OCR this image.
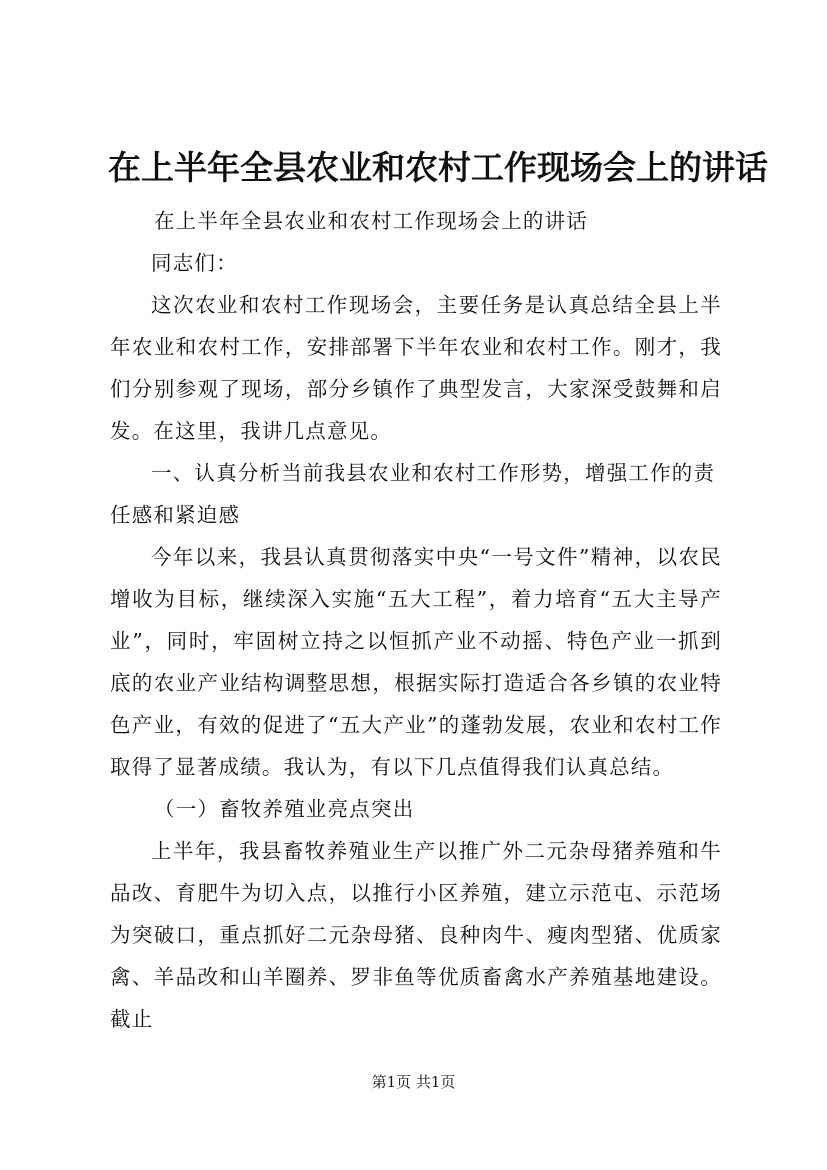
在上半年全县农业和农村工作现场会上的讲话

在上半年全县农业和农村工作现场会上的讲话

同志们：

这次农业和农村工作现场会，主要任务是认真总结全县上半年农业和农村工作，安排部署下半年农业和农村工作。刚才，我们分别参观了现场，部分乡镇作了典型发言，大家深受鼓舞和启发。在这里，我讲几点意见。

一、认真分析当前我县农业和农村工作形势，增强工作的责任感和紧迫感

今年以来，我县认真贯彻落实中央“一号文件”精神，以农民增收为目标，继续深入实施“五大工程”，着力培育“五大主导产业”，同时，牢固树立持之以恒抓产业不动摇、特色产业一抓到底的农业产业结构调整思想，根据实际打造适合各乡镇的农业特色产业，有效的促进了“五大产业”的蓬勃发展，农业和农村工作取得了显著成绩。我认为，有以下几点值得我们认真总结。

（一）畜牧养殖业亮点突出

上半年，我县畜牧养殖业生产以推广外二元杂母猪养殖和牛品改、育肥牛为切入点，以推行小区养殖，建立示范屯、示范场为突破口，重点抓好二元杂母猪、良种肉牛、瘦肉型猪、优质家禽、羊品改和山羊圈养、罗非鱼等优质畜禽水产养殖基地建设。截止

第1页 共1页
